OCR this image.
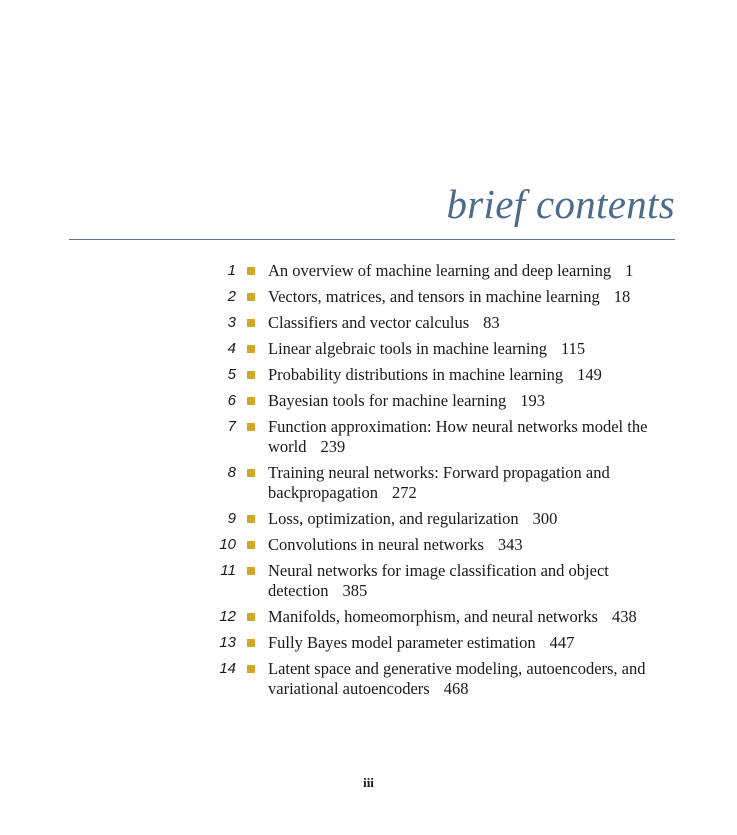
brief contents
1 An overview of machine learning and deep learning 1
2 Vectors, matrices, and tensors in machine learning 18
3 Classifiers and vector calculus 83
4 Linear algebraic tools in machine learning 115
5 Probability distributions in machine learning 149
6 Bayesian tools for machine learning 193
7 Function approximation: How neural networks model the world 239
8 Training neural networks: Forward propagation and backpropagation 272
9 Loss, optimization, and regularization 300
10 Convolutions in neural networks 343
11 Neural networks for image classification and object detection 385
12 Manifolds, homeomorphism, and neural networks 438
13 Fully Bayes model parameter estimation 447
14 Latent space and generative modeling, autoencoders, and variational autoencoders 468
iii
